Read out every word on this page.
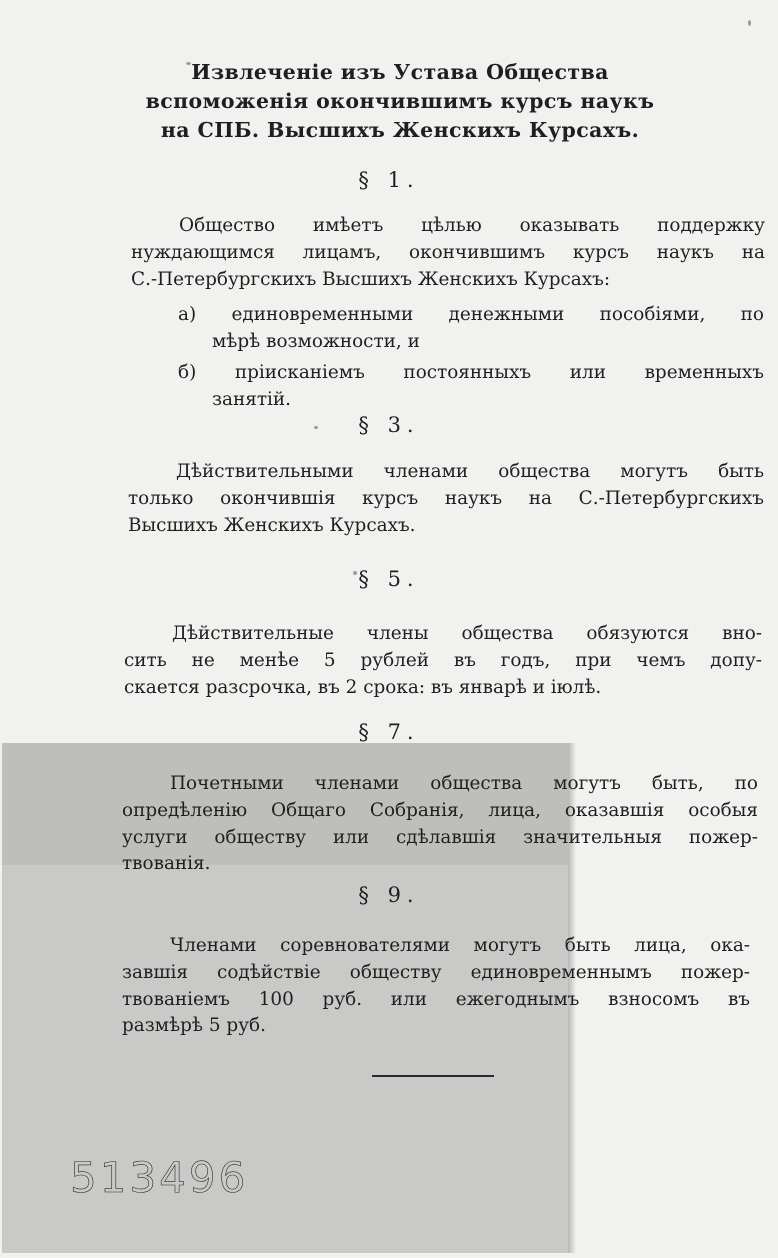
Извлеченіе изъ Устава Общества
вспоможенія окончившимъ курсъ наукъ
на СПБ. Высшихъ Женскихъ Курсахъ.
§ 1.
Общество имѣетъ цѣлью оказывать поддержку
нуждающимся лицамъ, окончившимъ курсъ наукъ на
С.-Петербургскихъ Высшихъ Женскихъ Курсахъ:
а) единовременными денежными пособіями, по
мѣрѣ возможности, и
б) пріисканіемъ постоянныхъ или временныхъ
занятій.
§ 3.
Дѣйствительными членами общества могутъ быть
только окончившія курсъ наукъ на С.-Петербургскихъ
Высшихъ Женскихъ Курсахъ.
§ 5.
Дѣйствительные члены общества обязуются вно-
сить не менѣе 5 рублей въ годъ, при чемъ допу-
скается разсрочка, въ 2 срока: въ январѣ и іюлѣ.
§ 7.
Почетными членами общества могутъ быть, по
опредѣленію Общаго Собранія, лица, оказавшія особыя
услуги обществу или сдѣлавшія значительныя пожер-
твованія.
§ 9.
Членами соревнователями могутъ быть лица, ока-
завшія содѣйствіе обществу единовременнымъ пожер-
твованіемъ 100 руб. или ежегоднымъ взносомъ въ
размѣрѣ 5 руб.
513496
